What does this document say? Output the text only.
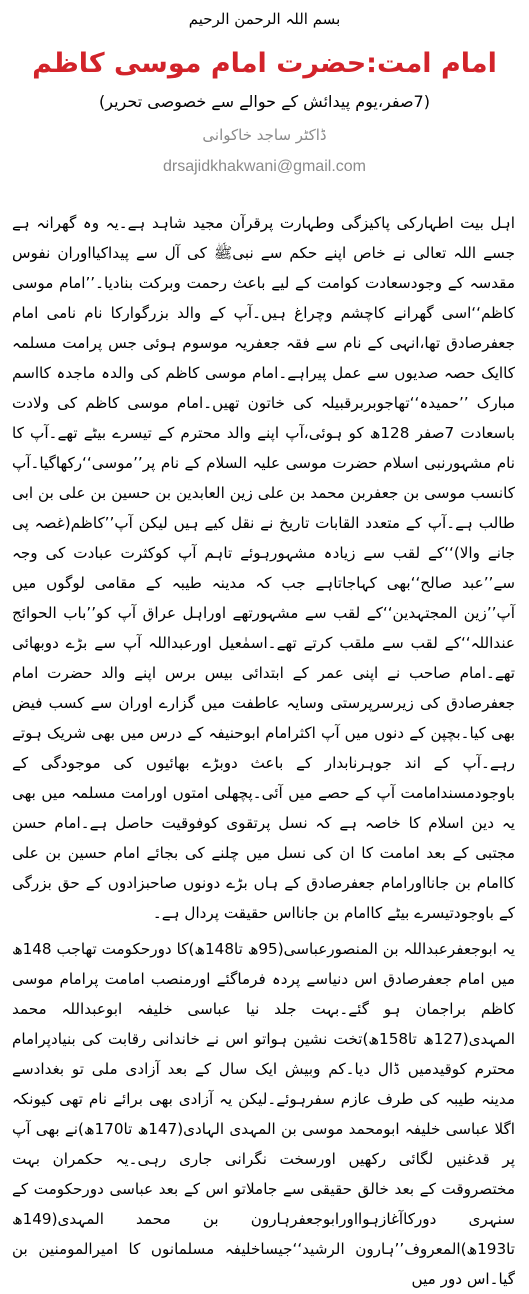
بسم اللہ الرحمن الرحیم
امام امت:حضرت امام موسی کاظم
(7صفر،یوم پیدائش کے حوالے سے خصوصی تحریر)
ڈاکٹر ساجد خاکوانی
drsajidkhakwani@gmail.com

اہل بیت اطہارکی پاکیزگی وطہارت پرقرآن مجید شاہد ہے۔یہ وہ گھرانہ ہے جسے اللہ تعالی نے خاص اپنے حکم سے نبیﷺ کی آل سے پیداکیااوران نفوس مقدسہ کے وجودسعادت کوامت کے لیے باعث رحمت وبرکت بنادیا۔’’امام موسی کاظم‘‘اسی گھرانے کاچشم وچراغ ہیں۔آپ کے والد بزرگوارکا نام نامی امام جعفرصادق تھا،انہی کے نام سے فقہ جعفریہ موسوم ہوئی جس پرامت مسلمہ کاایک حصہ صدیوں سے عمل پیراہے۔امام موسی کاظم کی والدہ ماجدہ کااسم مبارک ’’حمیدہ‘‘تھاجوبربرقبیلہ کی خاتون تھیں۔امام موسی کاظم کی ولادت باسعادت 7صفر 128ھ کو ہوئی،آپ اپنے والد محترم کے تیسرے بیٹے تھے۔آپ کا نام مشہورنبی اسلام حضرت موسی علیہ السلام کے نام پر’’موسی‘‘رکھاگیا۔آپ کانسب موسی بن جعفربن محمد بن علی زین العابدین بن حسین بن علی بن ابی طالب ہے۔آپ کے متعدد القابات تاریخ نے نقل کیے ہیں لیکن آپ’’کاظم(غصہ پی جانے والا)‘‘کے لقب سے زیادہ مشہورہوئے تاہم آپ کوکثرت عبادت کی وجہ سے’’عبد صالح‘‘بھی کہاجاتاہے جب کہ مدینہ طیبہ کے مقامی لوگوں میں آپ’’زین المجتہدین‘‘کے لقب سے مشہورتھے اوراہل عراق آپ کو’’باب الحوائج عنداللہ‘‘کے لقب سے ملقب کرتے تھے۔اسمٰعیل اورعبداللہ آپ سے بڑے دوبھائی تھے۔امام صاحب نے اپنی عمر کے ابتدائی بیس برس اپنے والد حضرت امام جعفرصادق کی زیرسرپرستی وسایہ عاطفت میں گزارے اوران سے کسب فیض بھی کیا۔بچپن کے دنوں میں آپ اکثرامام ابوحنیفہ کے درس میں بھی شریک ہوتے رہے۔آپ کے اند جوہرنابدار کے باعث دوبڑے بھائیوں کی موجودگی کے باوجودمسندامامت آپ کے حصے میں آئی۔پچھلی امتوں اورامت مسلمہ میں بھی یہ دین اسلام کا خاصہ ہے کہ نسل پرتقوی کوفوقیت حاصل ہے۔امام حسن مجتبی کے بعد امامت کا ان کی نسل میں چلنے کی بجائے امام حسین بن علی کاامام بن جانااورامام جعفرصادق کے ہاں بڑے دونوں صاحبزادوں کے حق بزرگی کے باوجودتیسرے بیٹے کاامام بن جانااس حقیقت پردال ہے۔

یہ ابوجعفرعبداللہ بن المنصورعباسی(95ھ تا148ھ)کا دورحکومت تھاجب 148ھ میں امام جعفرصادق اس دنیاسے پردہ فرماگئے اورمنصب امامت پرامام موسی کاظم براجمان ہو گئے۔بہت جلد نیا عباسی خلیفہ ابوعبداللہ محمد المہدی(127ھ تا158ھ)تخت نشین ہواتو اس نے خاندانی رقابت کی بنیادپرامام محترم کوقیدمیں ڈال دیا۔کم وبیش ایک سال کے بعد آزادی ملی تو بغدادسے مدینہ طیبہ کی طرف عازم سفرہوئے۔لیکن یہ آزادی بھی برائے نام تھی کیونکہ اگلا عباسی خلیفہ ابومحمد موسی بن المہدی الہادی(147ھ تا170ھ)نے بھی آپ پر قدغنیں لگائی رکھیں اورسخت نگرانی جاری رہی۔یہ حکمران بہت مختصروقت کے بعد خالق حقیقی سے جاملاتو اس کے بعد عباسی دورحکومت کے سنہری دورکاآغازہوااورابوجعفرہارون بن محمد المہدی(149ھ تا193ھ)المعروف’’ہارون الرشید‘‘جیساخلیفہ مسلمانوں کا امیرالمومنین بن گیا۔اس دور میں
